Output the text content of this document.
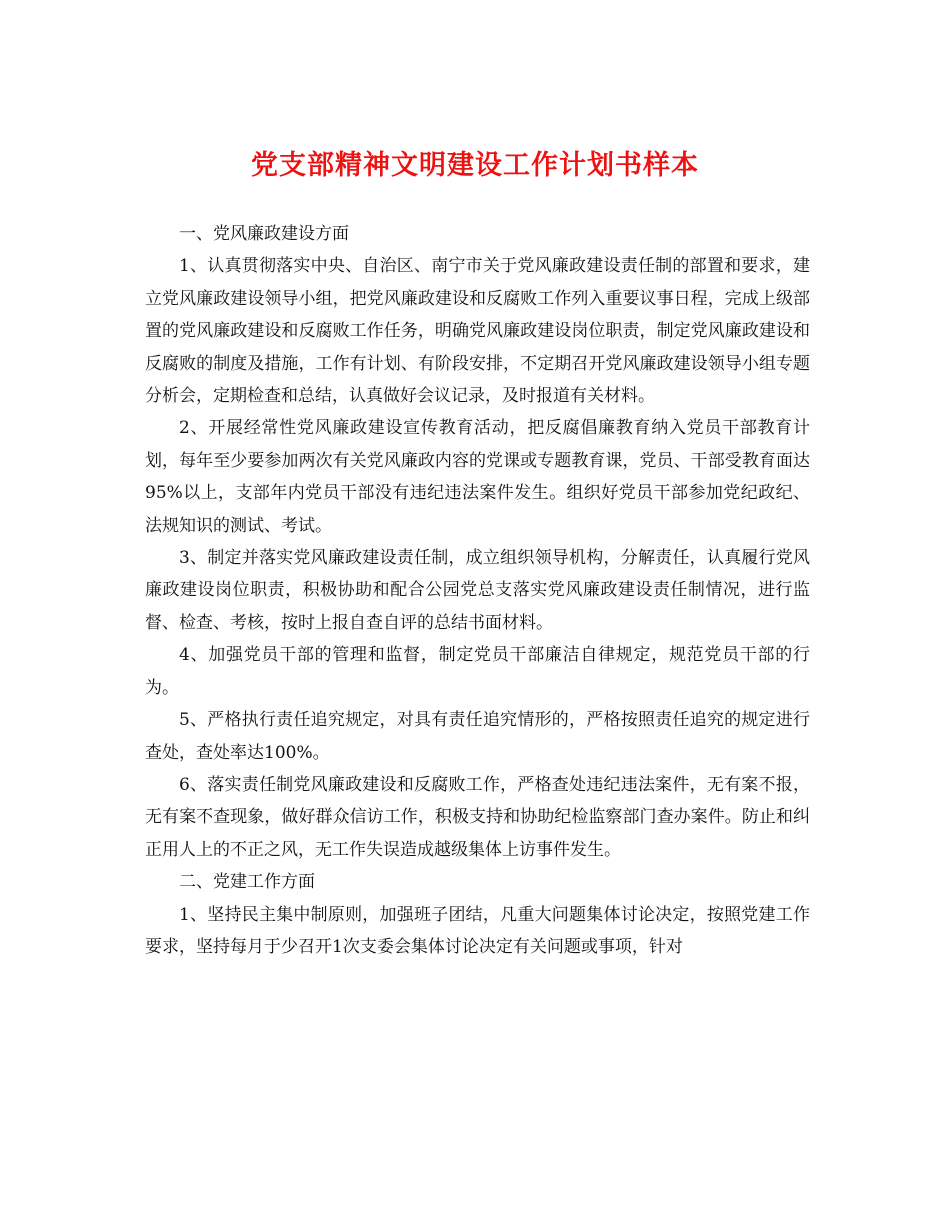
党支部精神文明建设工作计划书样本

一、党风廉政建设方面

1、认真贯彻落实中央、自治区、南宁市关于党风廉政建设责任制的部置和要求，建立党风廉政建设领导小组，把党风廉政建设和反腐败工作列入重要议事日程，完成上级部置的党风廉政建设和反腐败工作任务，明确党风廉政建设岗位职责，制定党风廉政建设和反腐败的制度及措施，工作有计划、有阶段安排，不定期召开党风廉政建设领导小组专题分析会，定期检查和总结，认真做好会议记录，及时报道有关材料。

2、开展经常性党风廉政建设宣传教育活动，把反腐倡廉教育纳入党员干部教育计划，每年至少要参加两次有关党风廉政内容的党课或专题教育课，党员、干部受教育面达95%以上，支部年内党员干部没有违纪违法案件发生。组织好党员干部参加党纪政纪、法规知识的测试、考试。

3、制定并落实党风廉政建设责任制，成立组织领导机构，分解责任，认真履行党风廉政建设岗位职责，积极协助和配合公园党总支落实党风廉政建设责任制情况，进行监督、检查、考核，按时上报自查自评的总结书面材料。

4、加强党员干部的管理和监督，制定党员干部廉洁自律规定，规范党员干部的行为。

5、严格执行责任追究规定，对具有责任追究情形的，严格按照责任追究的规定进行查处，查处率达100%。

6、落实责任制党风廉政建设和反腐败工作，严格查处违纪违法案件，无有案不报，无有案不查现象，做好群众信访工作，积极支持和协助纪检监察部门查办案件。防止和纠正用人上的不正之风，无工作失误造成越级集体上访事件发生。

二、党建工作方面

1、坚持民主集中制原则，加强班子团结，凡重大问题集体讨论决定，按照党建工作要求，坚持每月于少召开1次支委会集体讨论决定有关问题或事项，针对
